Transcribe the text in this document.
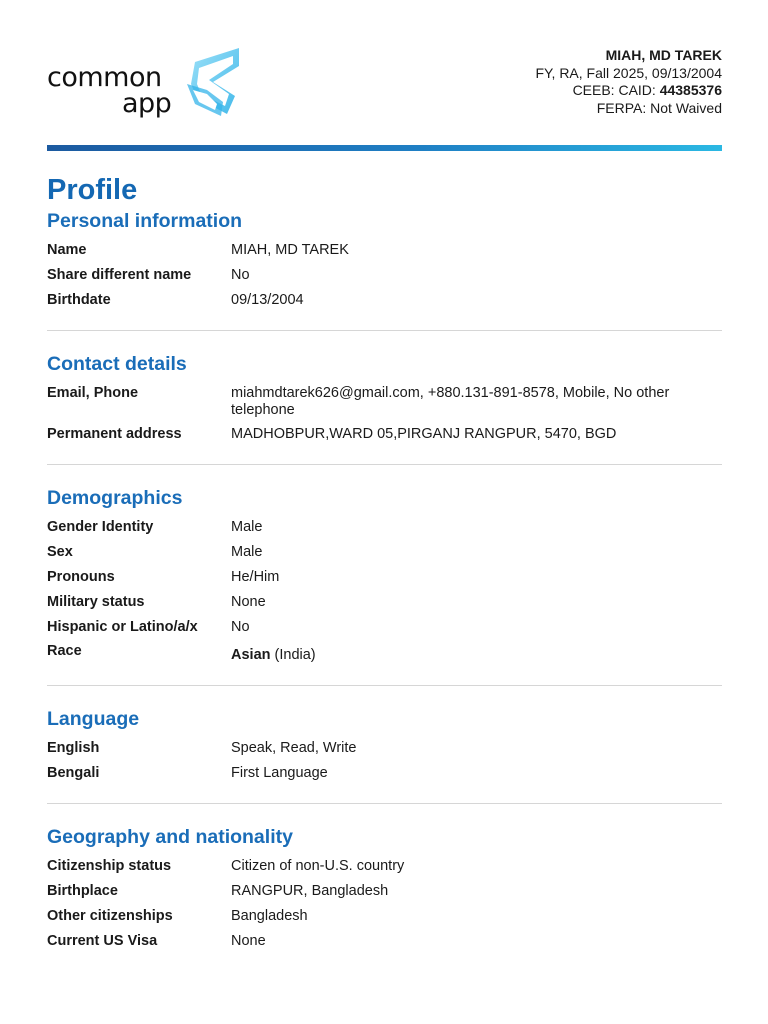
common
app
MIAH, MD TAREK
FY, RA, Fall 2025, 09/13/2004
CEEB: CAID: 44385376
FERPA: Not Waived
Profile
Personal information
Name	MIAH, MD TAREK
Share different name	No
Birthdate	09/13/2004
Contact details
Email, Phone	miahmdtarek626@gmail.com, +880.131-891-8578, Mobile, No other telephone
Permanent address	MADHOBPUR,WARD 05,PIRGANJ RANGPUR, 5470, BGD
Demographics
Gender Identity	Male
Sex	Male
Pronouns	He/Him
Military status	None
Hispanic or Latino/a/x	No
Race	Asian (India)
Language
English	Speak, Read, Write
Bengali	First Language
Geography and nationality
Citizenship status	Citizen of non-U.S. country
Birthplace	RANGPUR, Bangladesh
Other citizenships	Bangladesh
Current US Visa	None
